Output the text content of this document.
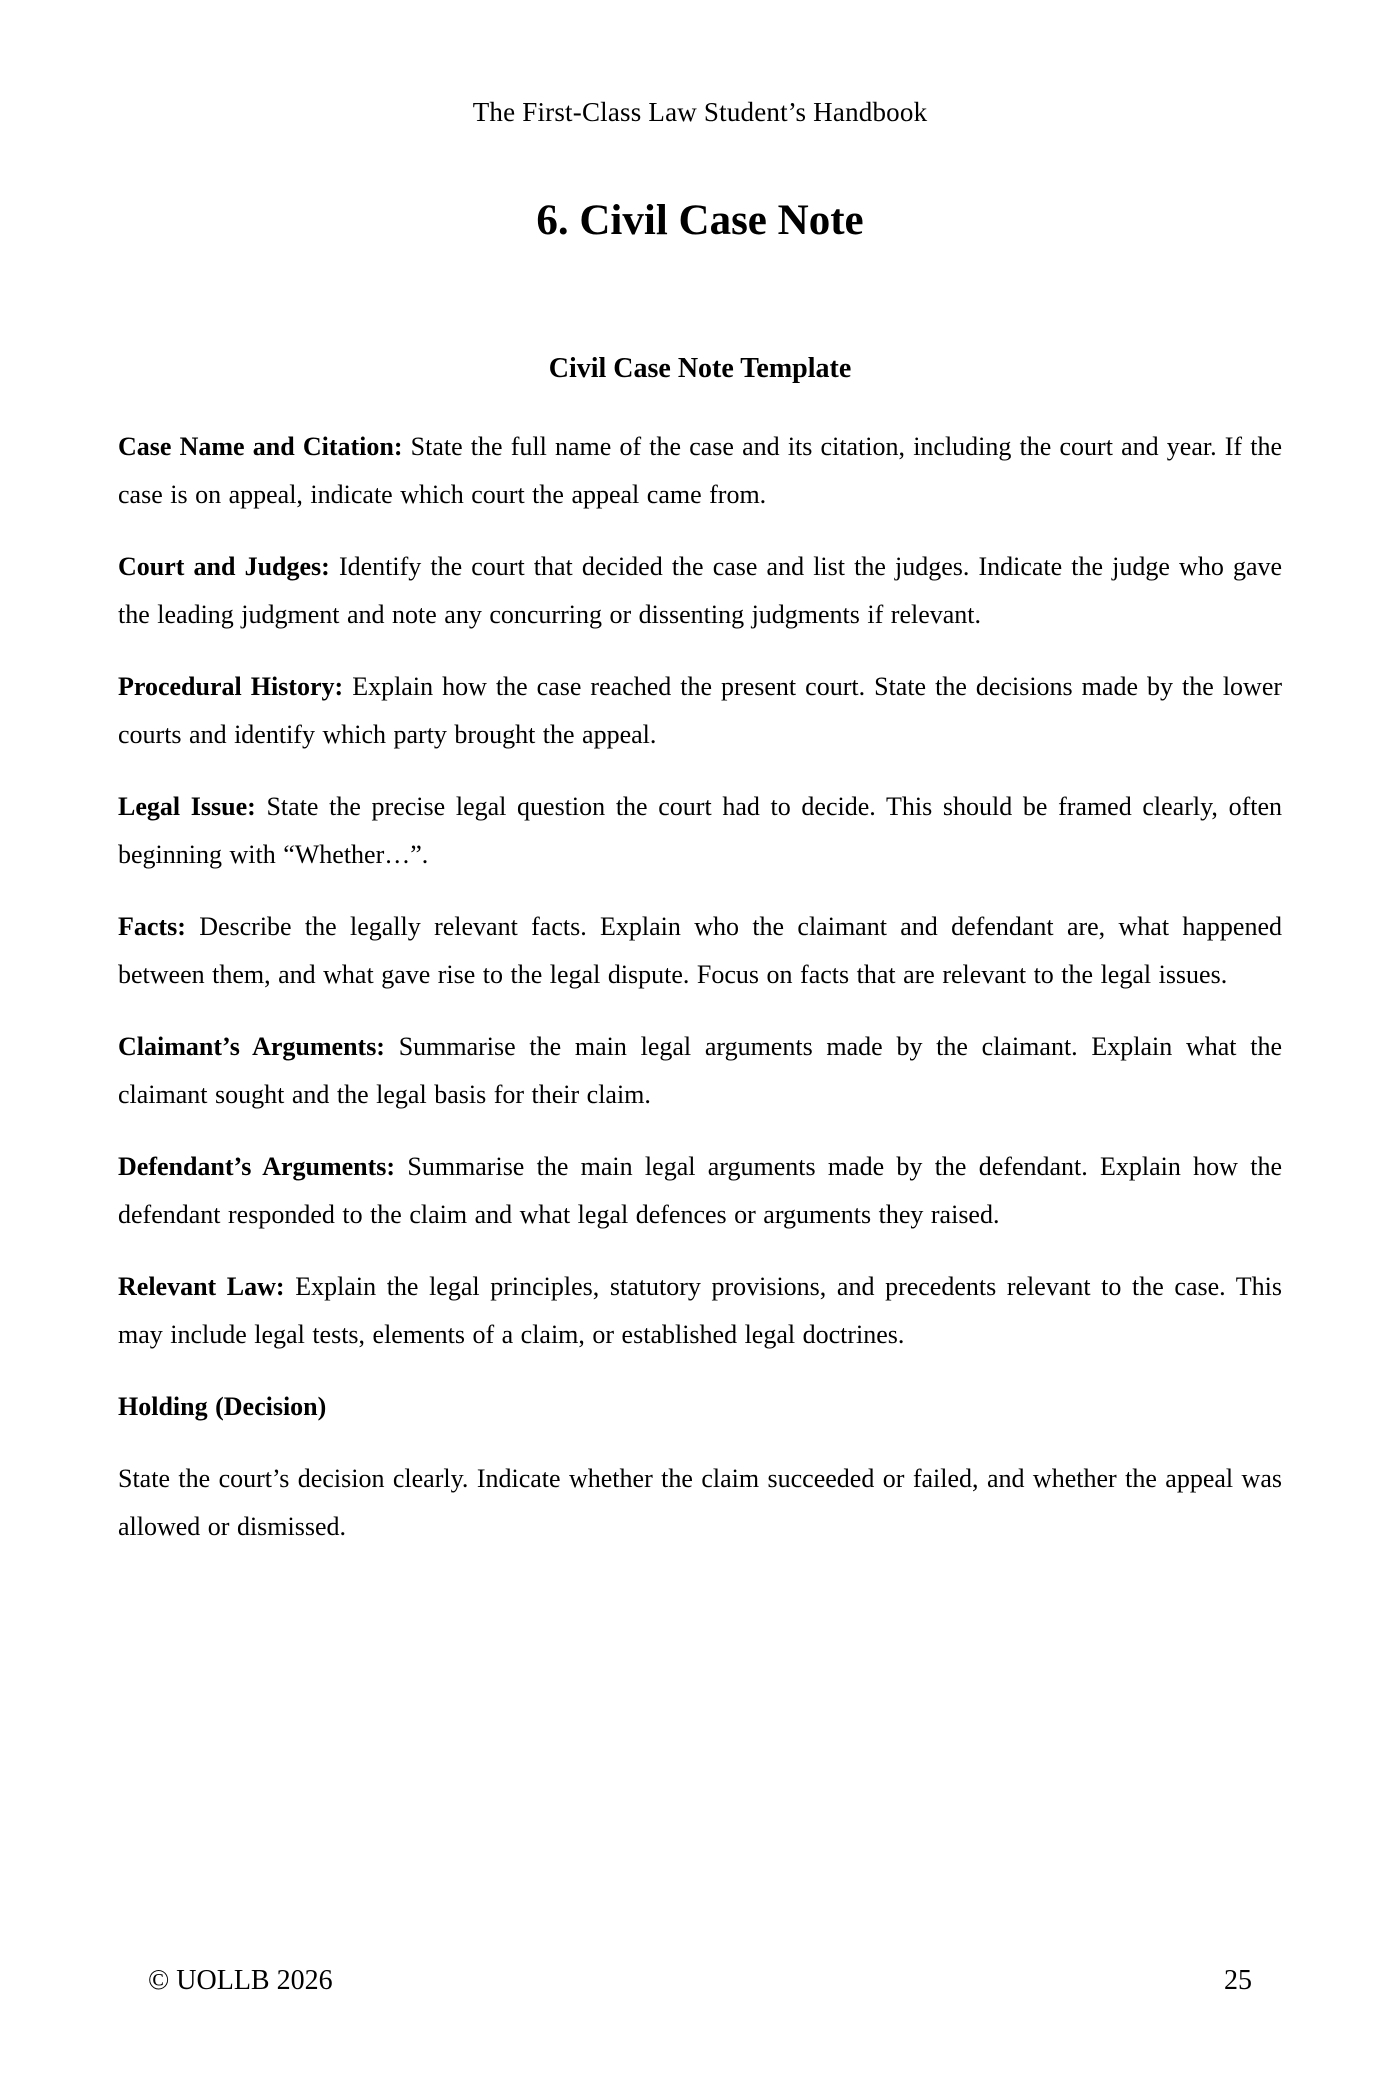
The First-Class Law Student’s Handbook
6. Civil Case Note
Civil Case Note Template

Case Name and Citation: State the full name of the case and its citation, including the court and year. If the case is on appeal, indicate which court the appeal came from.

Court and Judges: Identify the court that decided the case and list the judges. Indicate the judge who gave the leading judgment and note any concurring or dissenting judgments if relevant.

Procedural History: Explain how the case reached the present court. State the decisions made by the lower courts and identify which party brought the appeal.

Legal Issue: State the precise legal question the court had to decide. This should be framed clearly, often beginning with “Whether…”.

Facts: Describe the legally relevant facts. Explain who the claimant and defendant are, what happened between them, and what gave rise to the legal dispute. Focus on facts that are relevant to the legal issues.

Claimant’s Arguments: Summarise the main legal arguments made by the claimant. Explain what the claimant sought and the legal basis for their claim.

Defendant’s Arguments: Summarise the main legal arguments made by the defendant. Explain how the defendant responded to the claim and what legal defences or arguments they raised.

Relevant Law: Explain the legal principles, statutory provisions, and precedents relevant to the case. This may include legal tests, elements of a claim, or established legal doctrines.

Holding (Decision)

State the court’s decision clearly. Indicate whether the claim succeeded or failed, and whether the appeal was allowed or dismissed.

© UOLLB 2026	25
